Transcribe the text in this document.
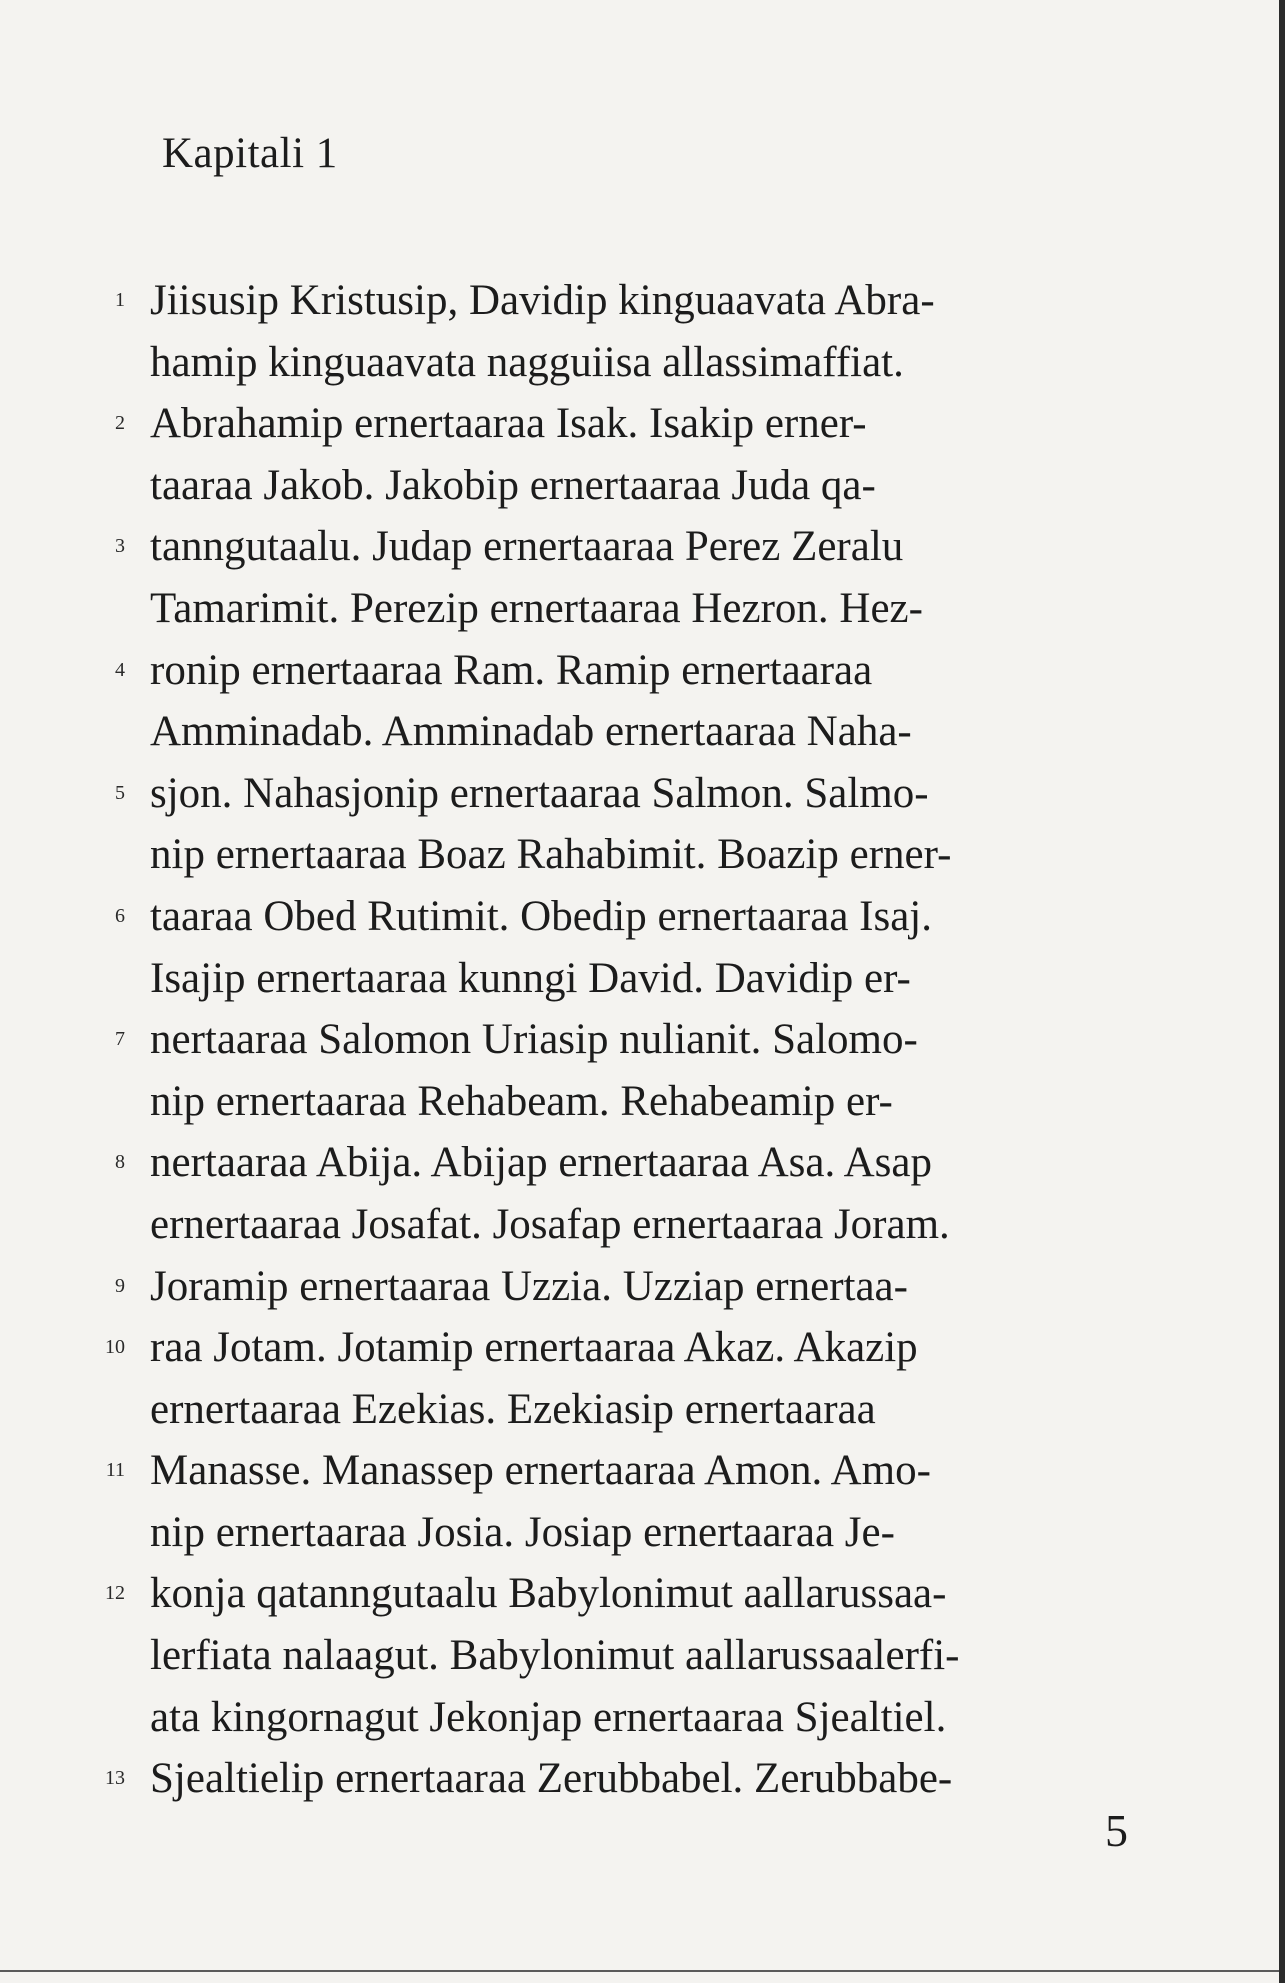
Kapitali 1
1 Jiisusip Kristusip, Davidip kinguaavata Abra-
hamip kinguaavata nagguiisa allassimaffiat.
2 Abrahamip ernertaaraa Isak. Isakip erner-
taaraa Jakob. Jakobip ernertaaraa Juda qa-
3 tanngutaalu. Judap ernertaaraa Perez Zeralu
Tamarimit. Perezip ernertaaraa Hezron. Hez-
4 ronip ernertaaraa Ram. Ramip ernertaaraa
Amminadab. Amminadab ernertaaraa Naha-
5 sjon. Nahasjonip ernertaaraa Salmon. Salmo-
nip ernertaaraa Boaz Rahabimit. Boazip erner-
6 taaraa Obed Rutimit. Obedip ernertaaraa Isaj.
Isajip ernertaaraa kunngi David. Davidip er-
7 nertaaraa Salomon Uriasip nulianit. Salomo-
nip ernertaaraa Rehabeam. Rehabeamip er-
8 nertaaraa Abija. Abijap ernertaaraa Asa. Asap
ernertaaraa Josafat. Josafap ernertaaraa Joram.
9 Joramip ernertaaraa Uzzia. Uzziap ernertaa-
10 raa Jotam. Jotamip ernertaaraa Akaz. Akazip
ernertaaraa Ezekias. Ezekiasip ernertaaraa
11 Manasse. Manassep ernertaaraa Amon. Amo-
nip ernertaaraa Josia. Josiap ernertaaraa Je-
12 konja qatanngutaalu Babylonimut aallarussaa-
lerfiata nalaagut. Babylonimut aallarussaalerfi-
ata kingornagut Jekonjap ernertaaraa Sjealtiel.
13 Sjealtielip ernertaaraa Zerubbabel. Zerubbabe-
5
